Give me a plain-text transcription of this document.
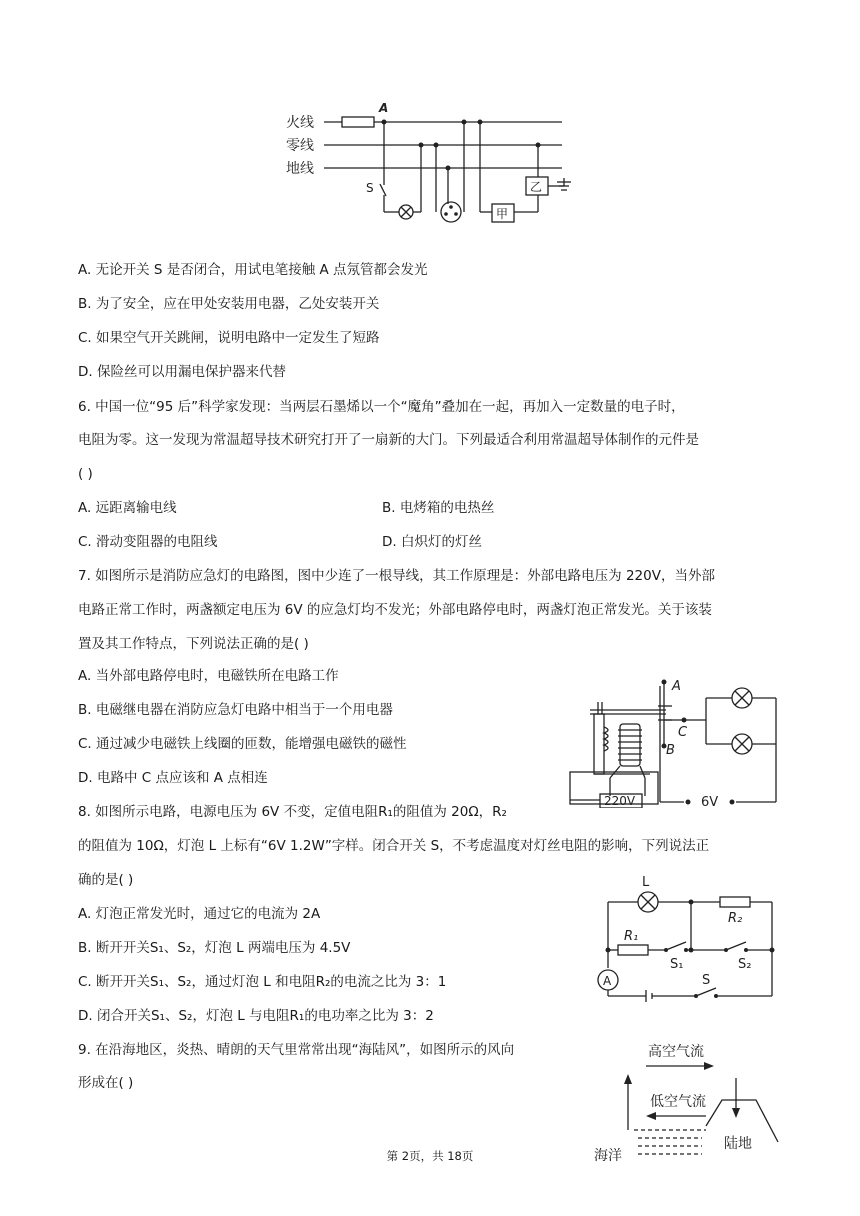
火线
零线
地线
A
S
甲
乙
A. 无论开关 S 是否闭合，用试电笔接触 A 点氖管都会发光
B. 为了安全，应在甲处安装用电器，乙处安装开关
C. 如果空气开关跳闸，说明电路中一定发生了短路
D. 保险丝可以用漏电保护器来代替
6. 中国一位“95 后”科学家发现：当两层石墨烯以一个“魔角”叠加在一起，再加入一定数量的电子时，
电阻为零。这一发现为常温超导技术研究打开了一扇新的大门。下列最适合利用常温超导体制作的元件是
( )
A. 远距离输电线	B. 电烤箱的电热丝
C. 滑动变阻器的电阻线	D. 白炽灯的灯丝
7. 如图所示是消防应急灯的电路图，图中少连了一根导线，其工作原理是：外部电路电压为 220V，当外部
电路正常工作时，两盏额定电压为 6V 的应急灯均不发光；外部电路停电时，两盏灯泡正常发光。关于该装
置及其工作特点，下列说法正确的是( )
A. 当外部电路停电时，电磁铁所在电路工作
B. 电磁继电器在消防应急灯电路中相当于一个用电器
C. 通过减少电磁铁上线圈的匝数，能增强电磁铁的磁性
D. 电路中 C 点应该和 A 点相连
A
C
B
220V	6V
8. 如图所示电路，电源电压为 6V 不变，定值电阻R₁的阻值为 20Ω，R₂
的阻值为 10Ω，灯泡 L 上标有“6V 1.2W”字样。闭合开关 S，不考虑温度对灯丝电阻的影响，下列说法正
确的是( )
A. 灯泡正常发光时，通过它的电流为 2A
B. 断开开关S₁、S₂，灯泡 L 两端电压为 4.5V
C. 断开开关S₁、S₂，通过灯泡 L 和电阻R₂的电流之比为 3：1
D. 闭合开关S₁、S₂，灯泡 L 与电阻R₁的电功率之比为 3：2
L
R₂
R₁
S₁	S₂
S
A
9. 在沿海地区，炎热、晴朗的天气里常常出现“海陆风”，如图所示的风向
形成在( )
高空气流
低空气流
海洋
陆地
第 2页，共 18页
